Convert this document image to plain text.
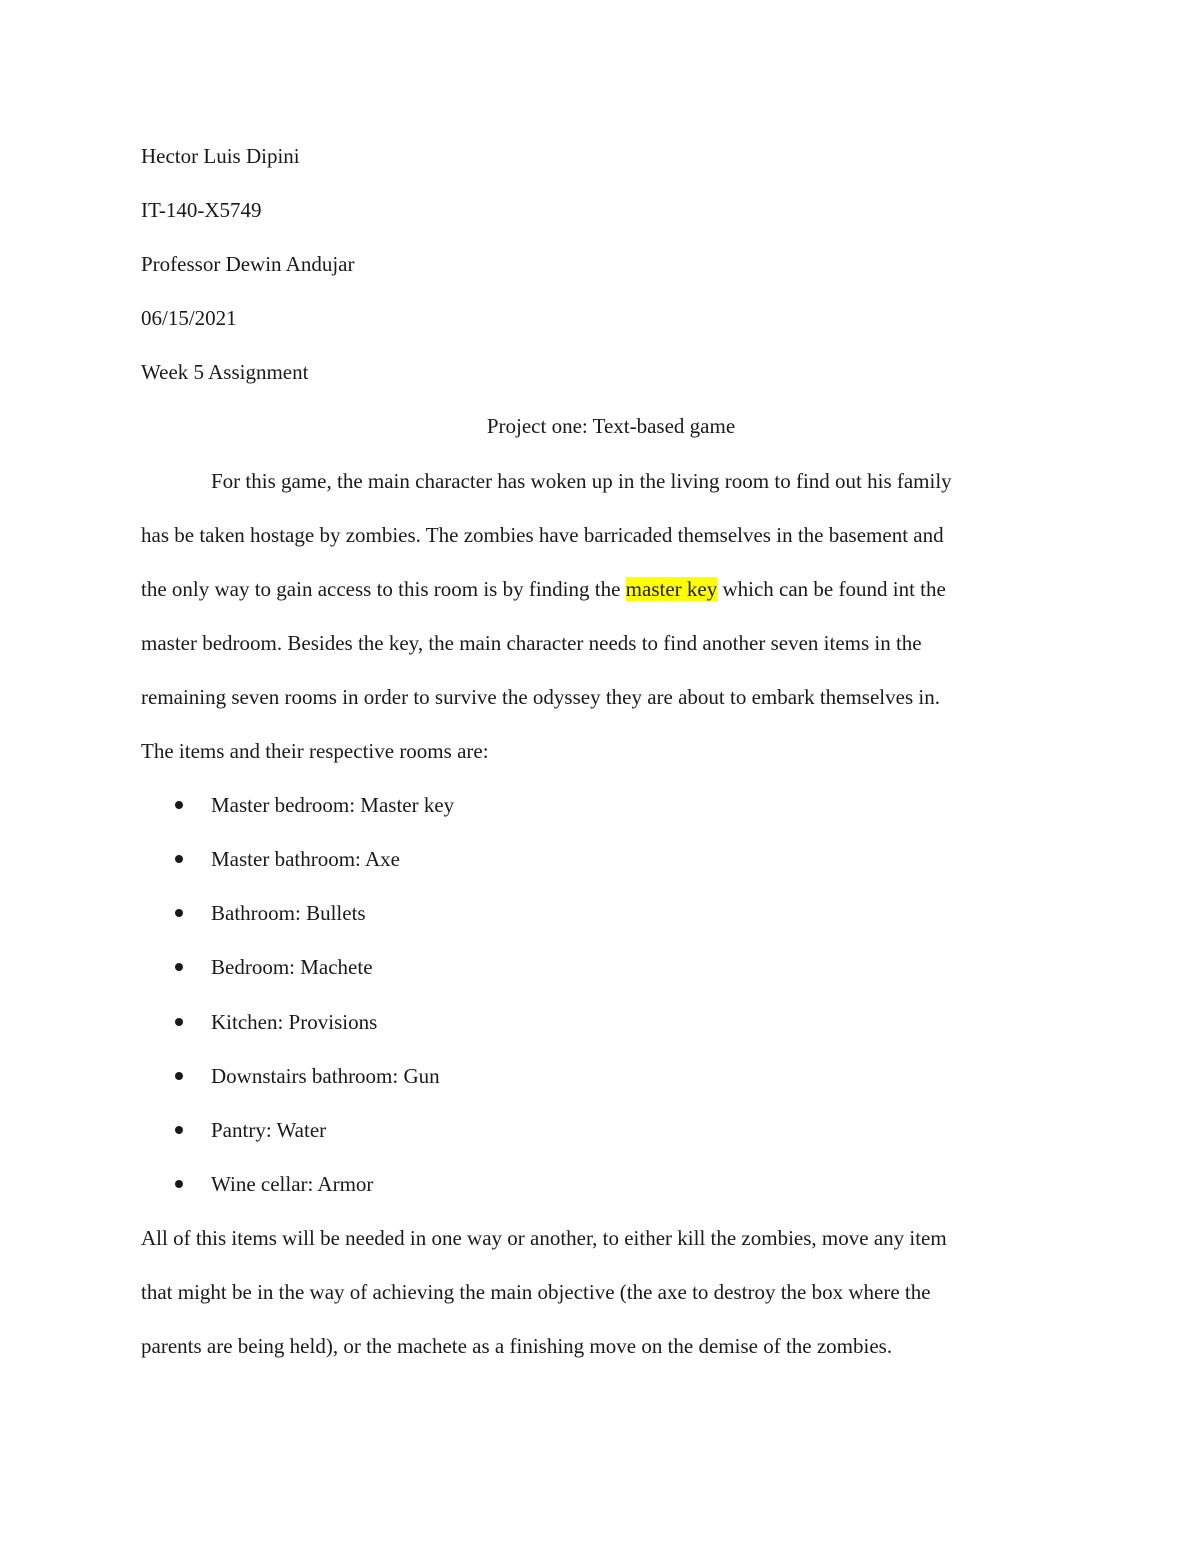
Hector Luis Dipini
IT-140-X5749
Professor Dewin Andujar
06/15/2021
Week 5 Assignment
Project one: Text-based game
For this game, the main character has woken up in the living room to find out his family
has be taken hostage by zombies. The zombies have barricaded themselves in the basement and
the only way to gain access to this room is by finding the master key which can be found int the
master bedroom. Besides the key, the main character needs to find another seven items in the
remaining seven rooms in order to survive the odyssey they are about to embark themselves in.
The items and their respective rooms are:
Master bedroom: Master key
Master bathroom: Axe
Bathroom: Bullets
Bedroom: Machete
Kitchen: Provisions
Downstairs bathroom: Gun
Pantry: Water
Wine cellar: Armor
All of this items will be needed in one way or another, to either kill the zombies, move any item
that might be in the way of achieving the main objective (the axe to destroy the box where the
parents are being held), or the machete as a finishing move on the demise of the zombies.
